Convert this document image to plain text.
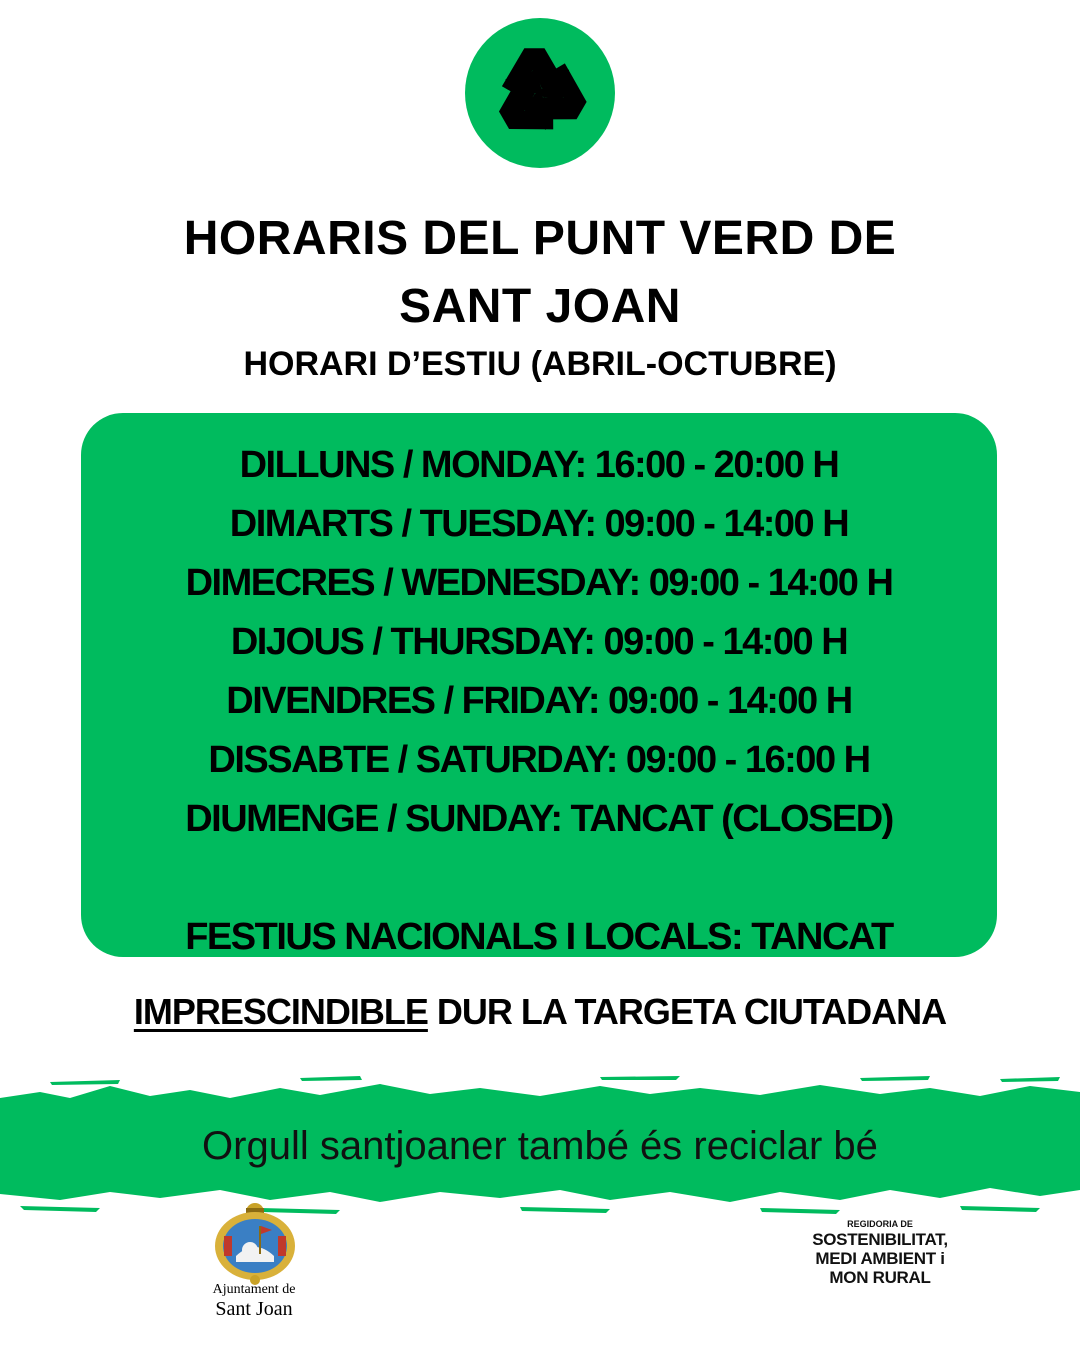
HORARIS DEL PUNT VERD DE
SANT JOAN
HORARI D’ESTIU (ABRIL-OCTUBRE)
DILLUNS / MONDAY: 16:00 - 20:00 H
DIMARTS / TUESDAY: 09:00 - 14:00 H
DIMECRES / WEDNESDAY: 09:00 - 14:00 H
DIJOUS / THURSDAY: 09:00 - 14:00 H
DIVENDRES / FRIDAY: 09:00 - 14:00 H
DISSABTE / SATURDAY: 09:00 - 16:00 H
DIUMENGE / SUNDAY: TANCAT (CLOSED)
FESTIUS NACIONALS I LOCALS: TANCAT
IMPRESCINDIBLE DUR LA TARGETA CIUTADANA
Orgull santjoaner també és reciclar bé
Ajuntament de
Sant Joan
REGIDORIA DE
SOSTENIBILITAT,
MEDI AMBIENT i
MON RURAL
